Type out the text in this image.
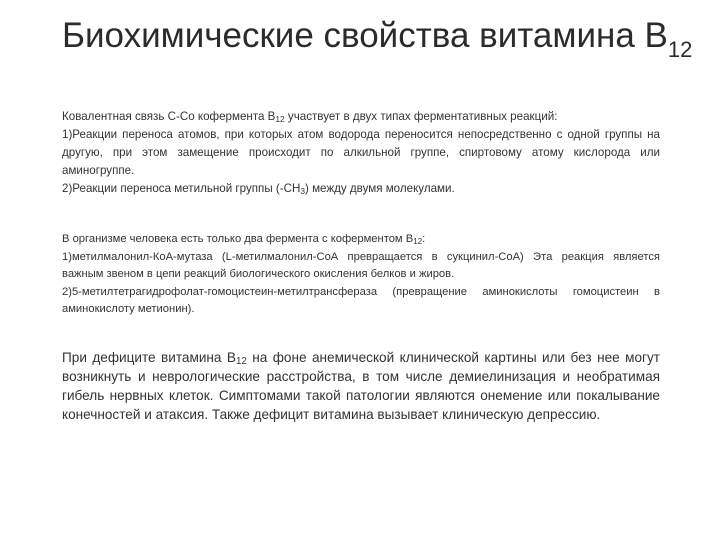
Биохимические свойства витамина $B_{12}$

Ковалентная связь С-Со кофермента $В_{12}$ участвует в двух типах ферментативных реакций:

1)Реакции переноса атомов, при которых атом водорода переносится непосредственно с одной группы на другую, при этом замещение происходит по алкильной группе, спиртовому атому кислорода или аминогруппе.

2)Реакции переноса метильной группы $(-СН_3)$ между двумя молекулами.

В организме человека есть только два фермента с коферментом $В_{12}$:

1)метилмалонил-КоА-мутаза (L-метилмалонил-СоА превращается в сукцинил-СоА) Эта реакция является важным звеном в цепи реакций биологического окисления белков и жиров.

2)5-метилтетрагидрофолат-гомоцистеин-метилтрансфераза (превращение аминокислоты гомоцистеин в аминокислоту метионин).

При дефиците витамина $В_{12}$ на фоне анемической клинической картины или без нее могут возникнуть и неврологические расстройства, в том числе демиелинизация и необратимая гибель нервных клеток. Симптомами такой патологии являются онемение или покалывание конечностей и атаксия. Также дефицит витамина вызывает клиническую депрессию.
